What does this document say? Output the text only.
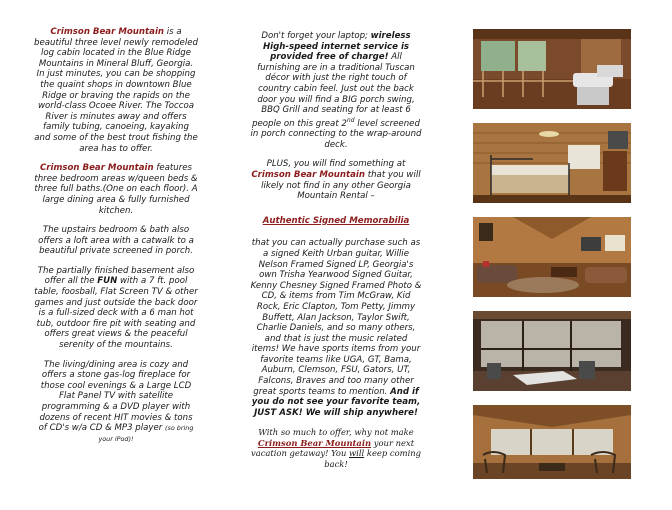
Crimson Bear Mountain is a beautiful three level newly remodeled log cabin located in the Blue Ridge Mountains in Mineral Bluff, Georgia. In just minutes, you can be shopping the quaint shops in downtown Blue Ridge or braving the rapids on the world-class Ocoee River. The Toccoa River is minutes away and offers family tubing, canoeing, kayaking and some of the best trout fishing the area has to offer.

Crimson Bear Mountain features three bedroom areas w/queen beds & three full baths.(One on each floor). A large dining area & fully furnished kitchen.

The upstairs bedroom & bath also offers a loft area with a catwalk to a beautiful private screened in porch.

The partially finished basement also offer all the FUN with a 7 ft. pool table, foosball, Flat Screen TV & other games and just outside the back door is a full-sized deck with a 6 man hot tub, outdoor fire pit with seating and offers great views & the peaceful serenity of the mountains.

The living/dining area is cozy and offers a stone gas-log fireplace for those cool evenings & a Large LCD Flat Panel TV with satellite programming & a DVD player with dozens of recent HIT movies & tons of CD's w/a CD & MP3 player (so bring your iPod)!

Don't forget your laptop; wireless High-speed internet service is provided free of charge! All furnishing are in a traditional Tuscan décor with just the right touch of country cabin feel. Just out the back door you will find a BIG porch swing, BBQ Grill and seating for at least 6 people on this great 2nd level screened in porch connecting to the wrap-around deck.

PLUS, you will find something at Crimson Bear Mountain that you will likely not find in any other Georgia Mountain Rental –

Authentic Signed Memorabilia

that you can actually purchase such as a signed Keith Urban guitar, Willie Nelson Framed Signed LP, Georgia's own Trisha Yearwood Signed Guitar, Kenny Chesney Signed Framed Photo & CD, & items from Tim McGraw, Kid Rock, Eric Clapton, Tom Petty, Jimmy Buffett, Alan Jackson, Taylor Swift, Charlie Daniels, and so many others, and that is just the music related items! We have sports items from your favorite teams like UGA, GT, Bama, Auburn, Clemson, FSU, Gators, UT, Falcons, Braves and too many other great sports teams to mention. And if you do not see your favorite team, JUST ASK! We will ship anywhere!

With so much to offer, why not make Crimson Bear Mountain your next vacation getaway! You will keep coming back!
